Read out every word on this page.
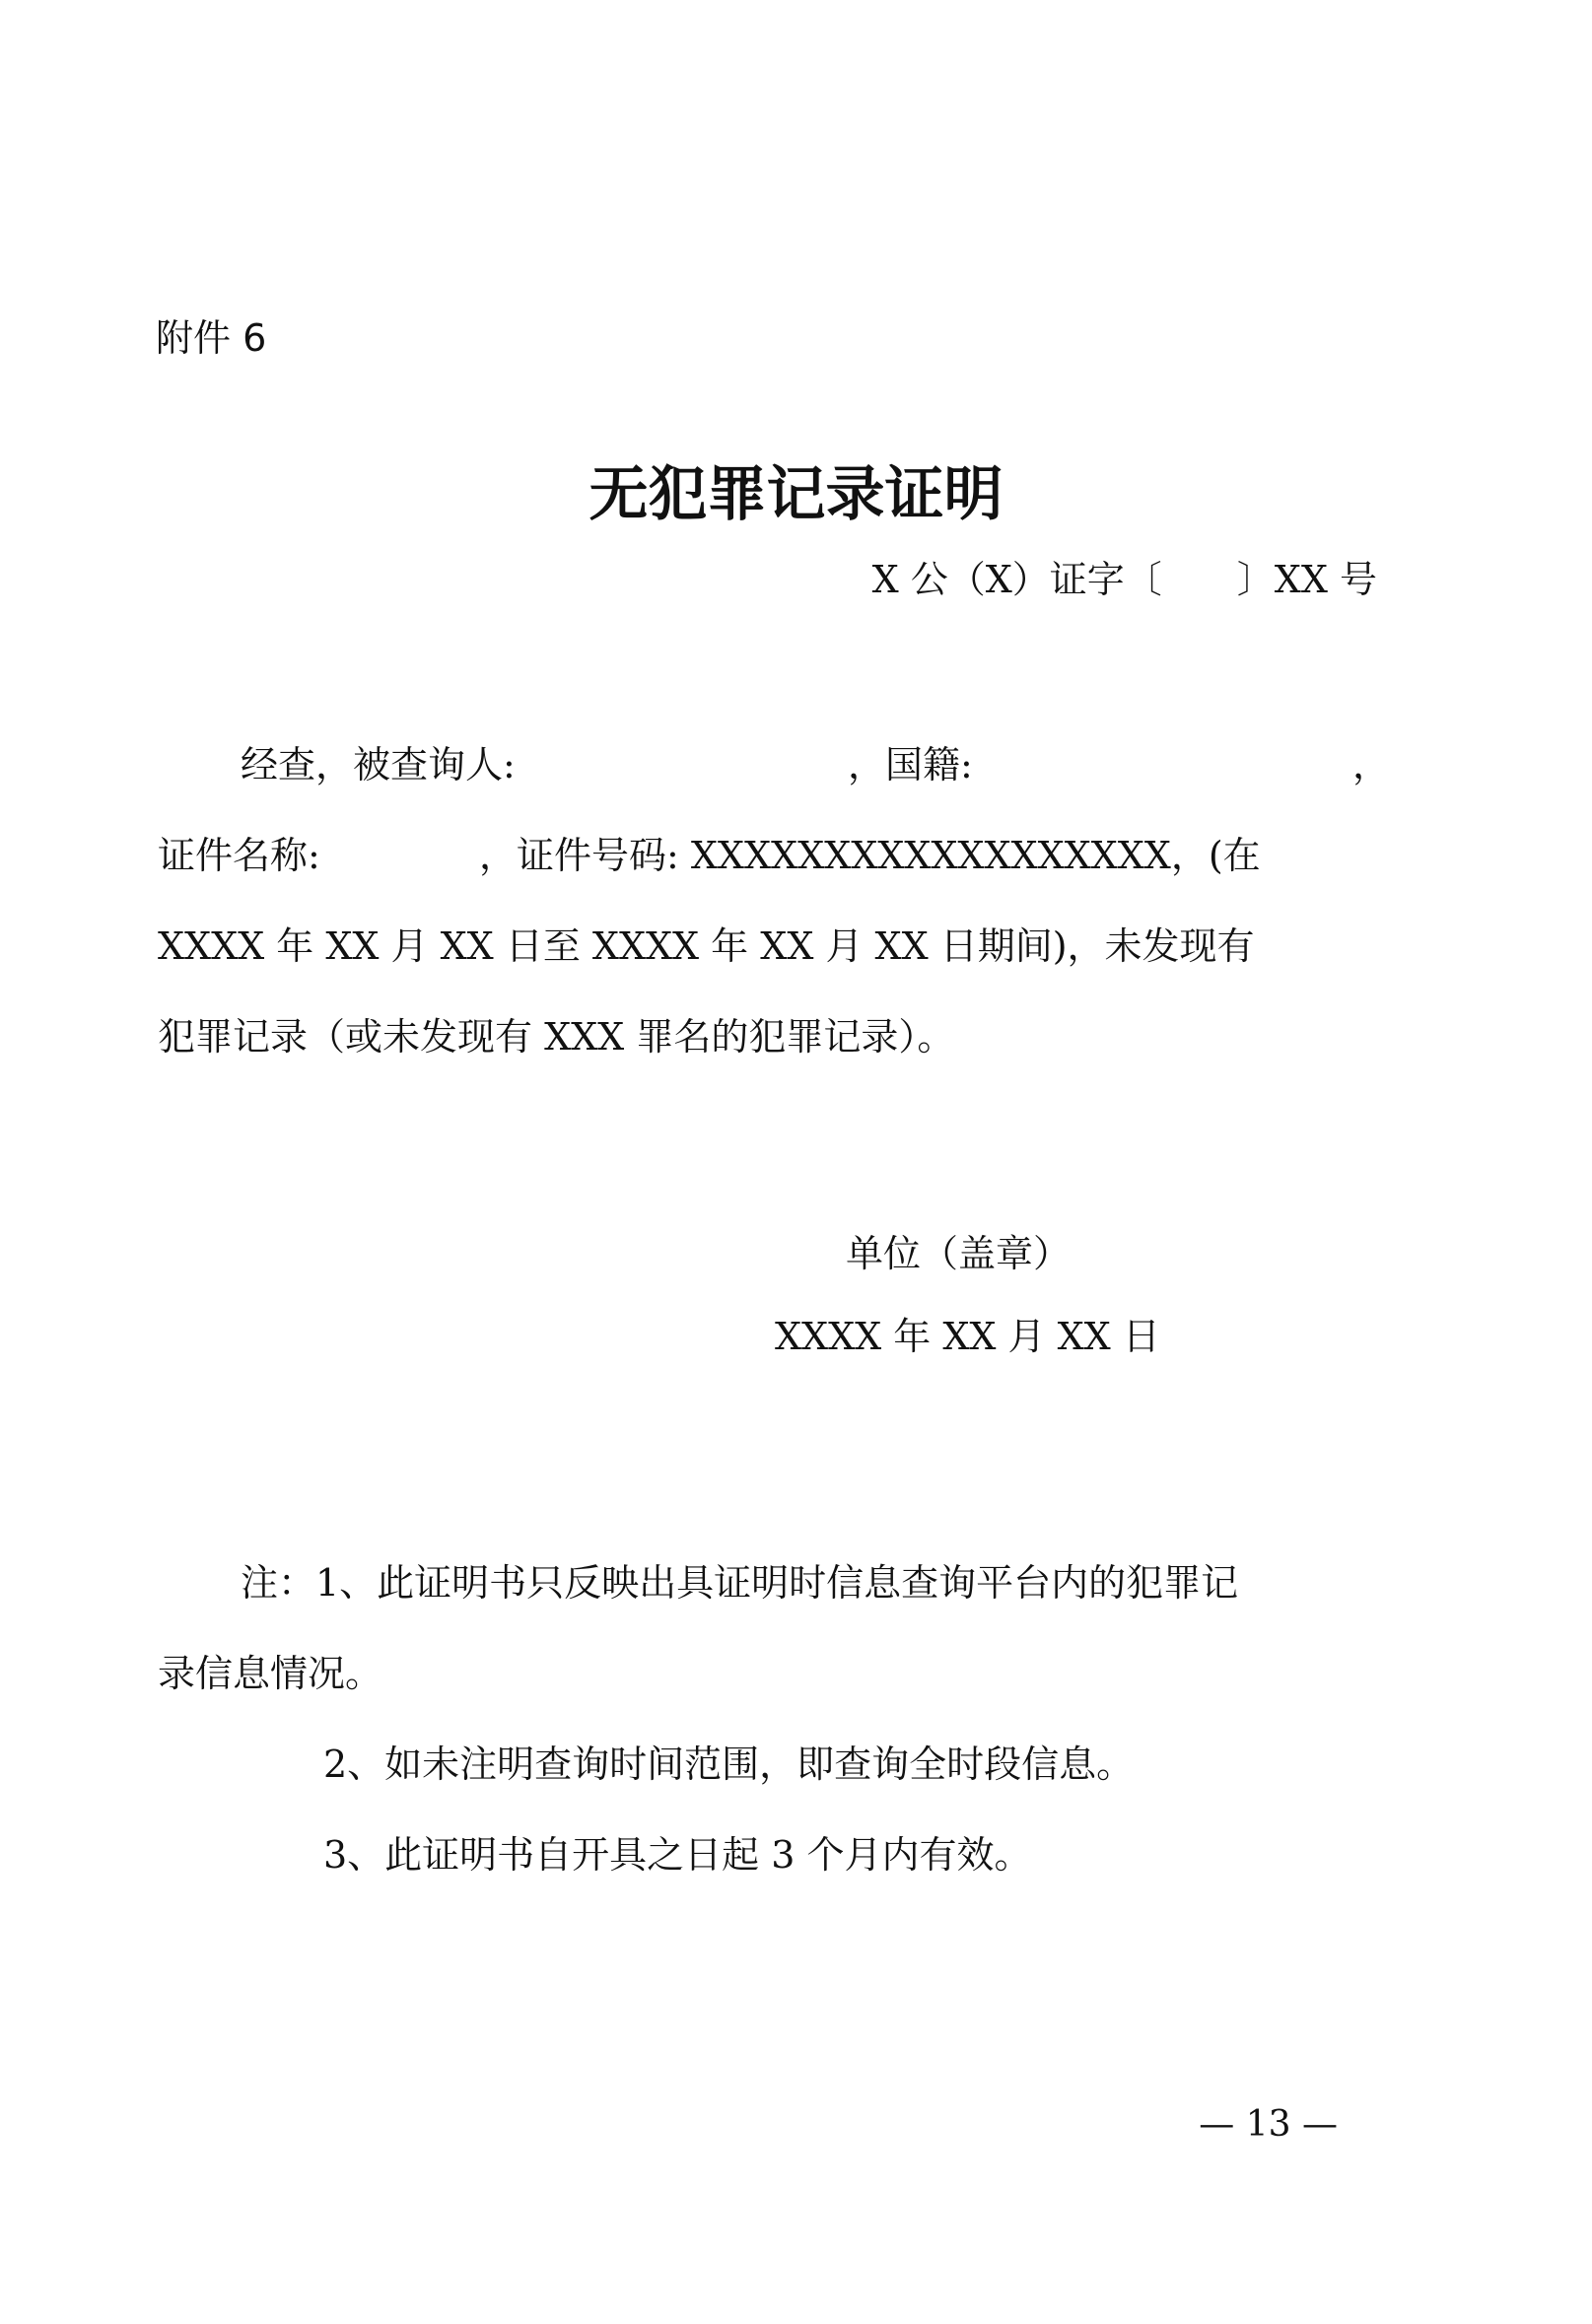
附件 6
无犯罪记录证明
X 公（X）证字〔　　〕XX 号
经查，被查询人:	，国籍:	，
证件名称:	，证件号码: XXXXXXXXXXXXXXXXXX，(在
XXXX 年 XX 月 XX 日至 XXXX 年 XX 月 XX 日期间)，未发现有
犯罪记录（或未发现有 XXX 罪名的犯罪记录）。
单位（盖章）
XXXX 年 XX 月 XX 日
注：1、此证明书只反映出具证明时信息查询平台内的犯罪记
录信息情况。
2、如未注明查询时间范围，即查询全时段信息。
3、此证明书自开具之日起 3 个月内有效。
— 13 —
